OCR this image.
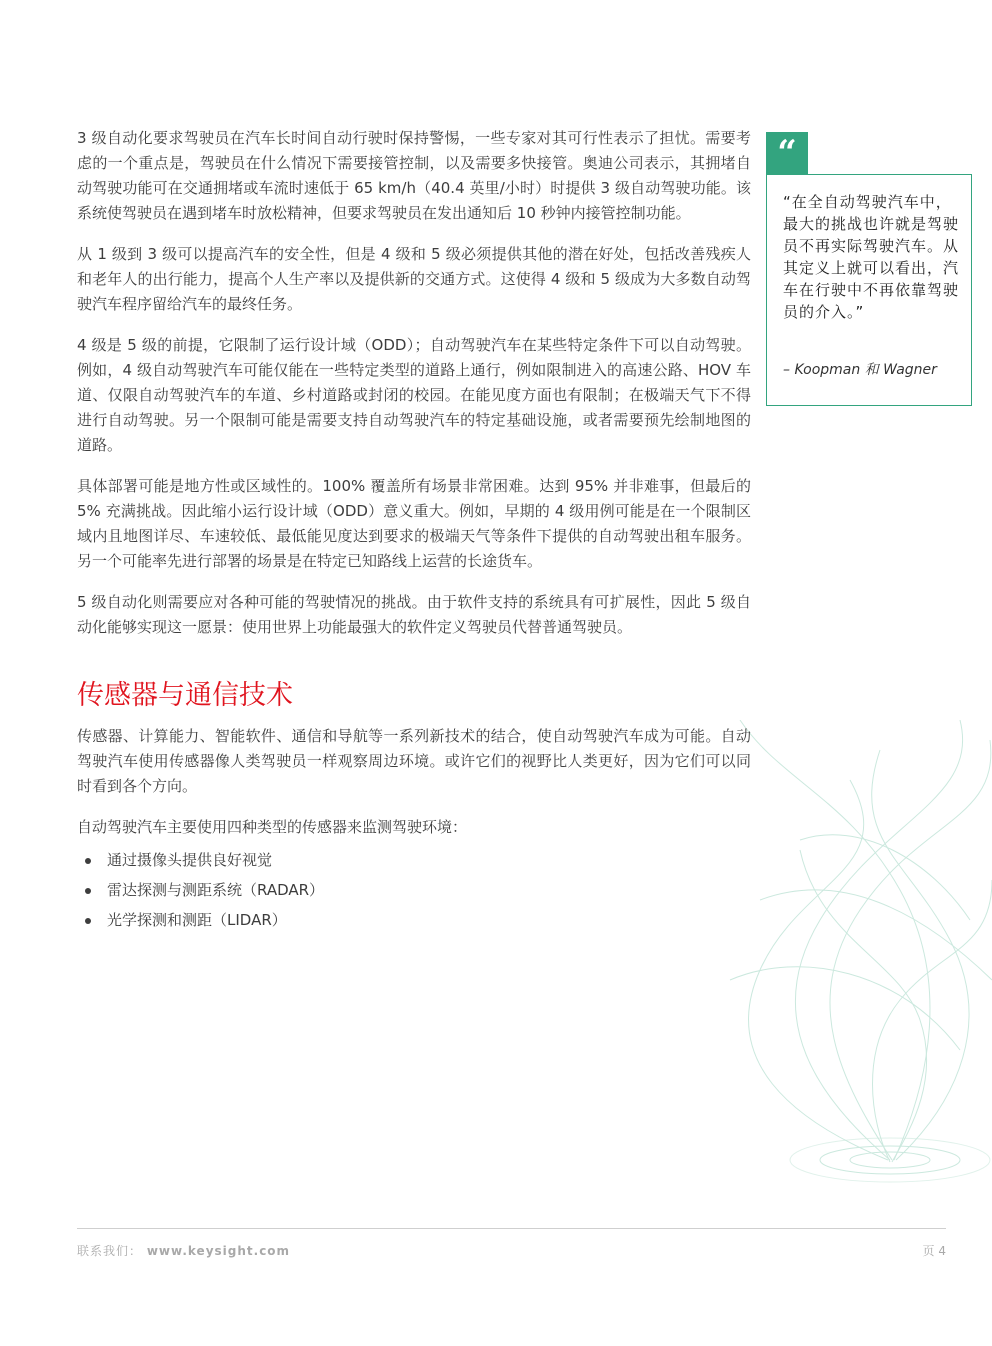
3 级自动化要求驾驶员在汽车长时间自动行驶时保持警惕，一些专家对其可行性表示了担忧。需要考虑的一个重点是，驾驶员在什么情况下需要接管控制，以及需要多快接管。奥迪公司表示，其拥堵自动驾驶功能可在交通拥堵或车流时速低于 65 km/h（40.4 英里/小时）时提供 3 级自动驾驶功能。该系统使驾驶员在遇到堵车时放松精神，但要求驾驶员在发出通知后 10 秒钟内接管控制功能。

从 1 级到 3 级可以提高汽车的安全性，但是 4 级和 5 级必须提供其他的潜在好处，包括改善残疾人和老年人的出行能力，提高个人生产率以及提供新的交通方式。这使得 4 级和 5 级成为大多数自动驾驶汽车程序留给汽车的最终任务。

4 级是 5 级的前提，它限制了运行设计域（ODD）；自动驾驶汽车在某些特定条件下可以自动驾驶。例如，4 级自动驾驶汽车可能仅能在一些特定类型的道路上通行，例如限制进入的高速公路、HOV 车道、仅限自动驾驶汽车的车道、乡村道路或封闭的校园。在能见度方面也有限制；在极端天气下不得进行自动驾驶。另一个限制可能是需要支持自动驾驶汽车的特定基础设施，或者需要预先绘制地图的道路。

具体部署可能是地方性或区域性的。100% 覆盖所有场景非常困难。达到 95% 并非难事，但最后的 5% 充满挑战。因此缩小运行设计域（ODD）意义重大。例如，早期的 4 级用例可能是在一个限制区域内且地图详尽、车速较低、最低能见度达到要求的极端天气等条件下提供的自动驾驶出租车服务。另一个可能率先进行部署的场景是在特定已知路线上运营的长途货车。

5 级自动化则需要应对各种可能的驾驶情况的挑战。由于软件支持的系统具有可扩展性，因此 5 级自动化能够实现这一愿景：使用世界上功能最强大的软件定义驾驶员代替普通驾驶员。

传感器与通信技术

传感器、计算能力、智能软件、通信和导航等一系列新技术的结合，使自动驾驶汽车成为可能。自动驾驶汽车使用传感器像人类驾驶员一样观察周边环境。或许它们的视野比人类更好，因为它们可以同时看到各个方向。

自动驾驶汽车主要使用四种类型的传感器来监测驾驶环境：

通过摄像头提供良好视觉
雷达探测与测距系统（RADAR）
光学探测和测距（LIDAR）
“
“在全自动驾驶汽车中，最大的挑战也许就是驾驶员不再实际驾驶汽车。从其定义上就可以看出，汽车在行驶中不再依靠驾驶员的介入。”
– Koopman 和 Wagner
联系我们： www.keysight.com	页 4
